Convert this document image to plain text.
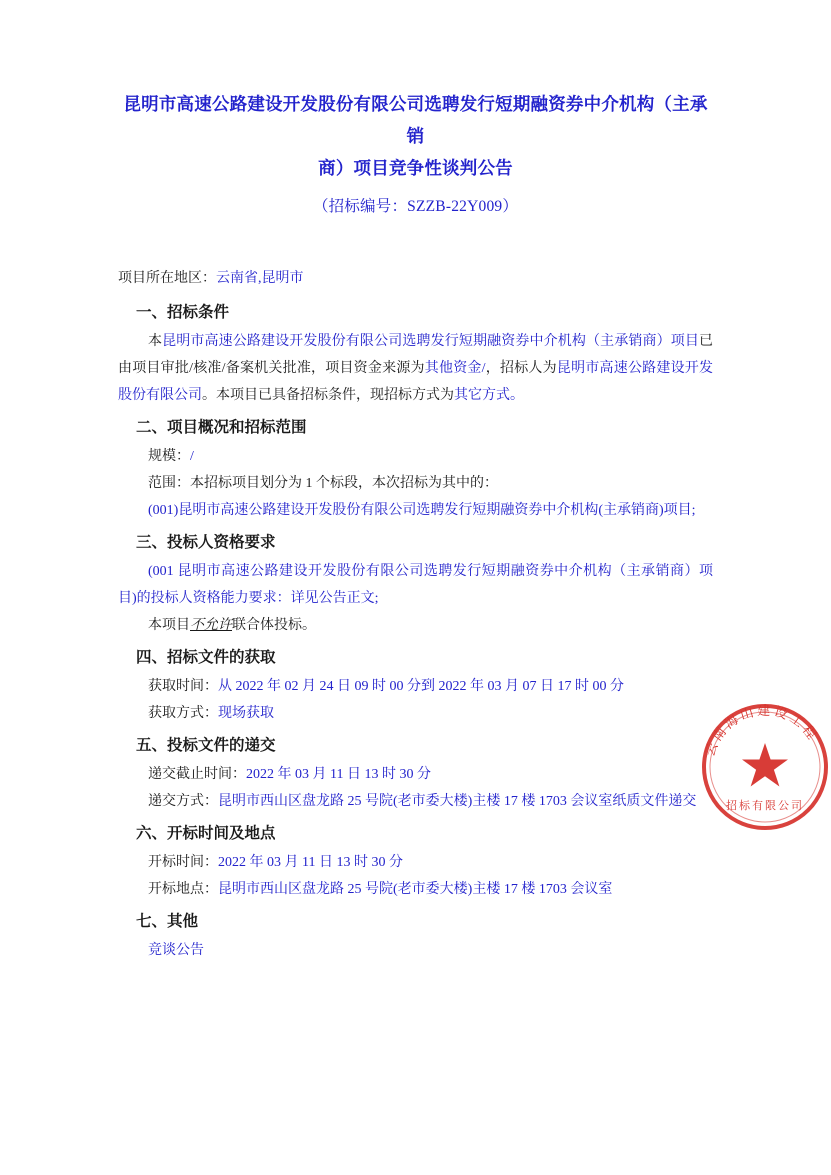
昆明市高速公路建设开发股份有限公司选聘发行短期融资券中介机构（主承销
商）项目竞争性谈判公告
（招标编号：SZZB-22Y009）

项目所在地区：云南省,昆明市

一、招标条件

本昆明市高速公路建设开发股份有限公司选聘发行短期融资券中介机构（主承销商）项目已由项目审批/核准/备案机关批准，项目资金来源为其他资金/，招标人为昆明市高速公路建设开发股份有限公司。本项目已具备招标条件，现招标方式为其它方式。

二、项目概况和招标范围

规模：/

范围：本招标项目划分为 1 个标段，本次招标为其中的：

(001)昆明市高速公路建设开发股份有限公司选聘发行短期融资券中介机构(主承销商)项目;

三、投标人资格要求

(001 昆明市高速公路建设开发股份有限公司选聘发行短期融资券中介机构（主承销商）项目)的投标人资格能力要求：详见公告正文;

本项目不允许联合体投标。

四、招标文件的获取

获取时间：从 2022 年 02 月 24 日 09 时 00 分到 2022 年 03 月 07 日 17 时 00 分

获取方式：现场获取

五、投标文件的递交

递交截止时间：2022 年 03 月 11 日 13 时 30 分

递交方式：昆明市西山区盘龙路 25 号院(老市委大楼)主楼 17 楼 1703 会议室纸质文件递交

六、开标时间及地点

开标时间：2022 年 03 月 11 日 13 时 30 分

开标地点：昆明市西山区盘龙路 25 号院(老市委大楼)主楼 17 楼 1703 会议室

七、其他

竞谈公告

云南海山建设工程
招标有限公司
